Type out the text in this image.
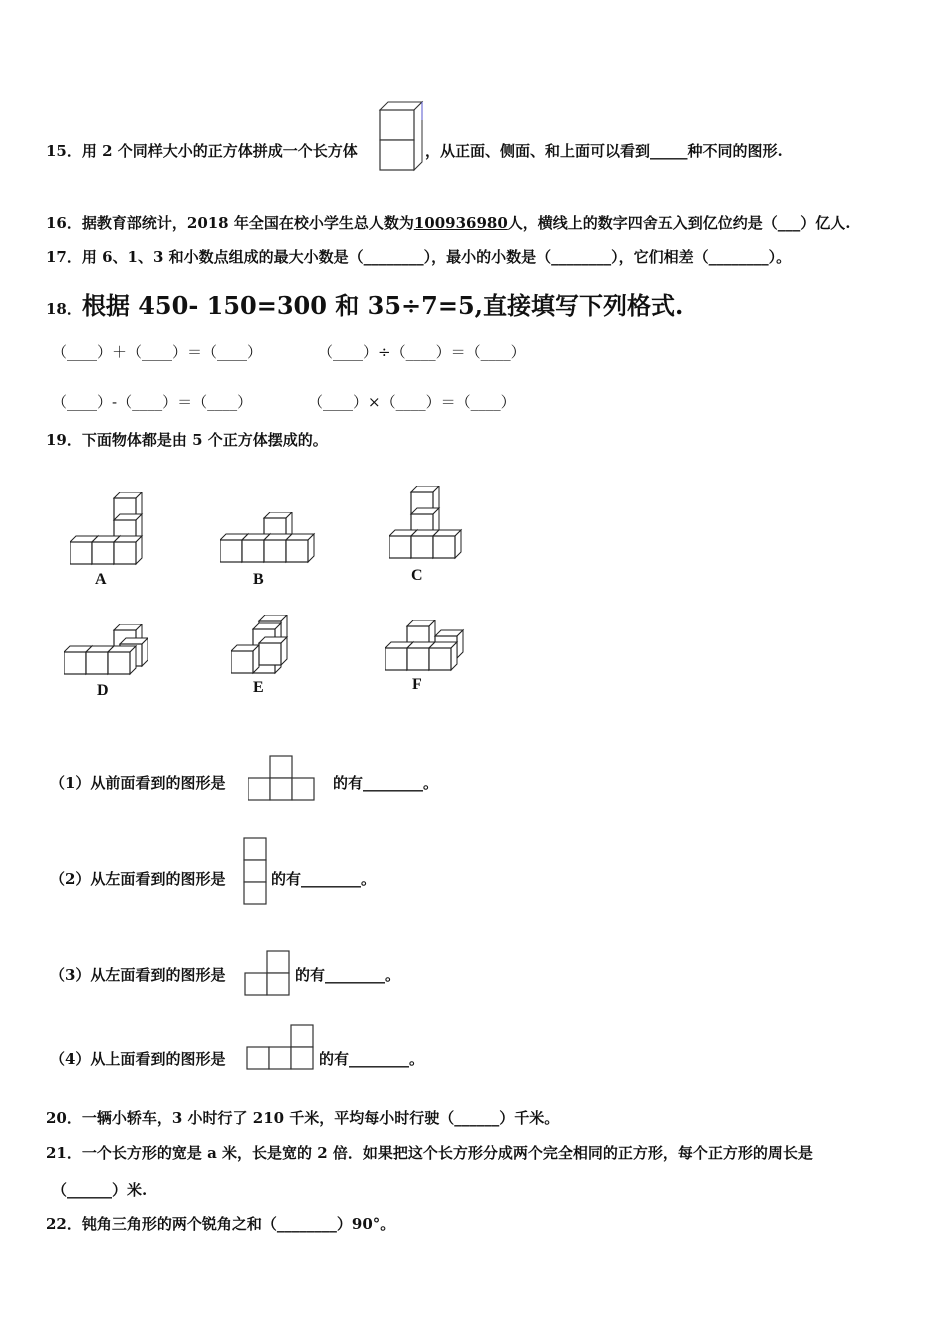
15．用 2 个同样大小的正方体拼成一个长方体	，从正面、侧面、和上面可以看到_____种不同的图形.
16．据教育部统计，2018 年全国在校小学生总人数为100936980人，横线上的数字四舍五入到亿位约是（___）亿人.
17．用 6、1、3 和小数点组成的最大小数是（________），最小的小数是（________），它们相差（________）。
18．根据 450- 150=300 和 35÷7=5,直接填写下列格式.
（____）＋（____）＝（____）	（____）÷（____）＝（____）
（____）-（____）＝（____）	（____）×（____）＝（____）
19．下面物体都是由 5 个正方体摆成的。
A	B	C
D	E	F
（1）从前面看到的图形是	的有________。
（2）从左面看到的图形是	的有________。
（3）从左面看到的图形是	的有________。
（4）从上面看到的图形是	的有________。
20．一辆小轿车，3 小时行了 210 千米，平均每小时行驶（______）千米。
21．一个长方形的宽是 a 米，长是宽的 2 倍．如果把这个长方形分成两个完全相同的正方形，每个正方形的周长是
（______）米.
22．钝角三角形的两个锐角之和（________）90°。
